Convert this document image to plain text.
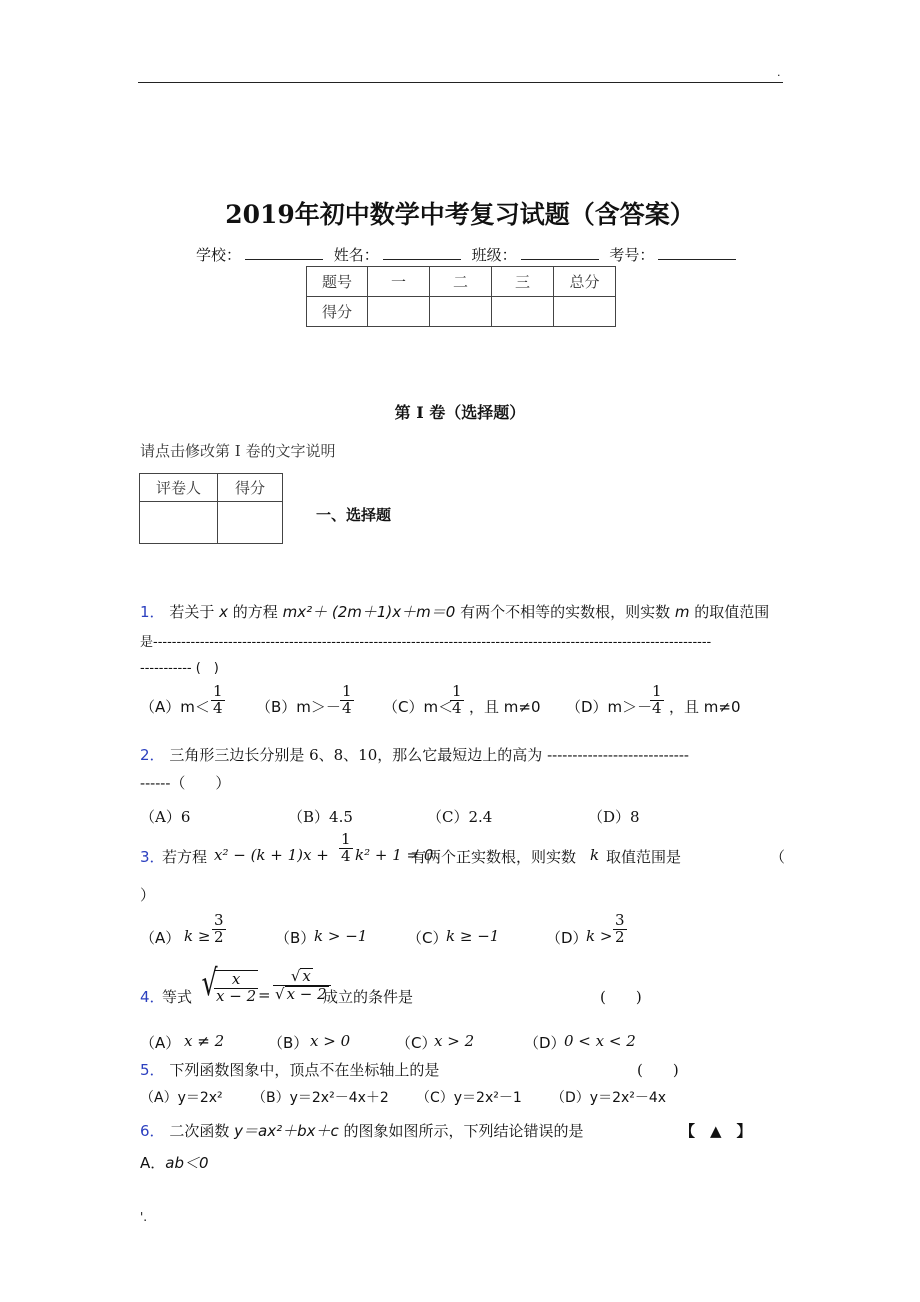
.
2019年初中数学中考复习试题（含答案）
学校：	姓名：	班级：	考号：
题号	一	二	三	总分
得分				
第 I 卷（选择题）
请点击修改第 I 卷的文字说明
评卷人	得分

一、选择题
1． 若关于 x 的方程 mx²＋ (2m＋1)x＋m＝0 有两个不相等的实数根，则实数 m 的取值范围
是-----------------------------------------------------------------------------------------------------------------------
----------- (　)
$(A)m< \frac{1}{4} (B)m>- \frac{1}{4} (C)m<$
$\frac{1}{4}$ ，且 m≠0 （D）m＞－
$\frac{1}{4}$ ，且 m≠0
2． 三角形三边长分别是 6、8、10，那么它最短边上的高为 ----------------------------
------（　　）
（A）6	（B）4.5	（C）2.4	（D）8
3．
若方程 $x^2 - (k + 1)x + \frac{1}{4} k^2 + 1 = 0$
有两个正实数根，则实数 k 取值范围是	（
）
（A） $k \ge \frac{3}{2}$	（B）
k > −1	（C）
k ≥ −1	（D）
$k > \frac{3}{2}$
4．
等式 √
$\frac{x}{x - 2} = \frac{√ x}{√ x - 2}$
成立的条件是	(　　)
（A） x ≠ 2	（B） x > 0	（C）
x > 2	（D）
0 < x < 2
5． 下列函数图象中，顶点不在坐标轴上的是	(　　)
（A）y＝2x² （B）y＝2x²－4x＋2 （C）y＝2x²－1 （D）y＝2x²－4x
6． 二次函数 y＝ax²＋bx＋c 的图象如图所示，下列结论错误的是	【　▲　】
A．ab＜0
'.
